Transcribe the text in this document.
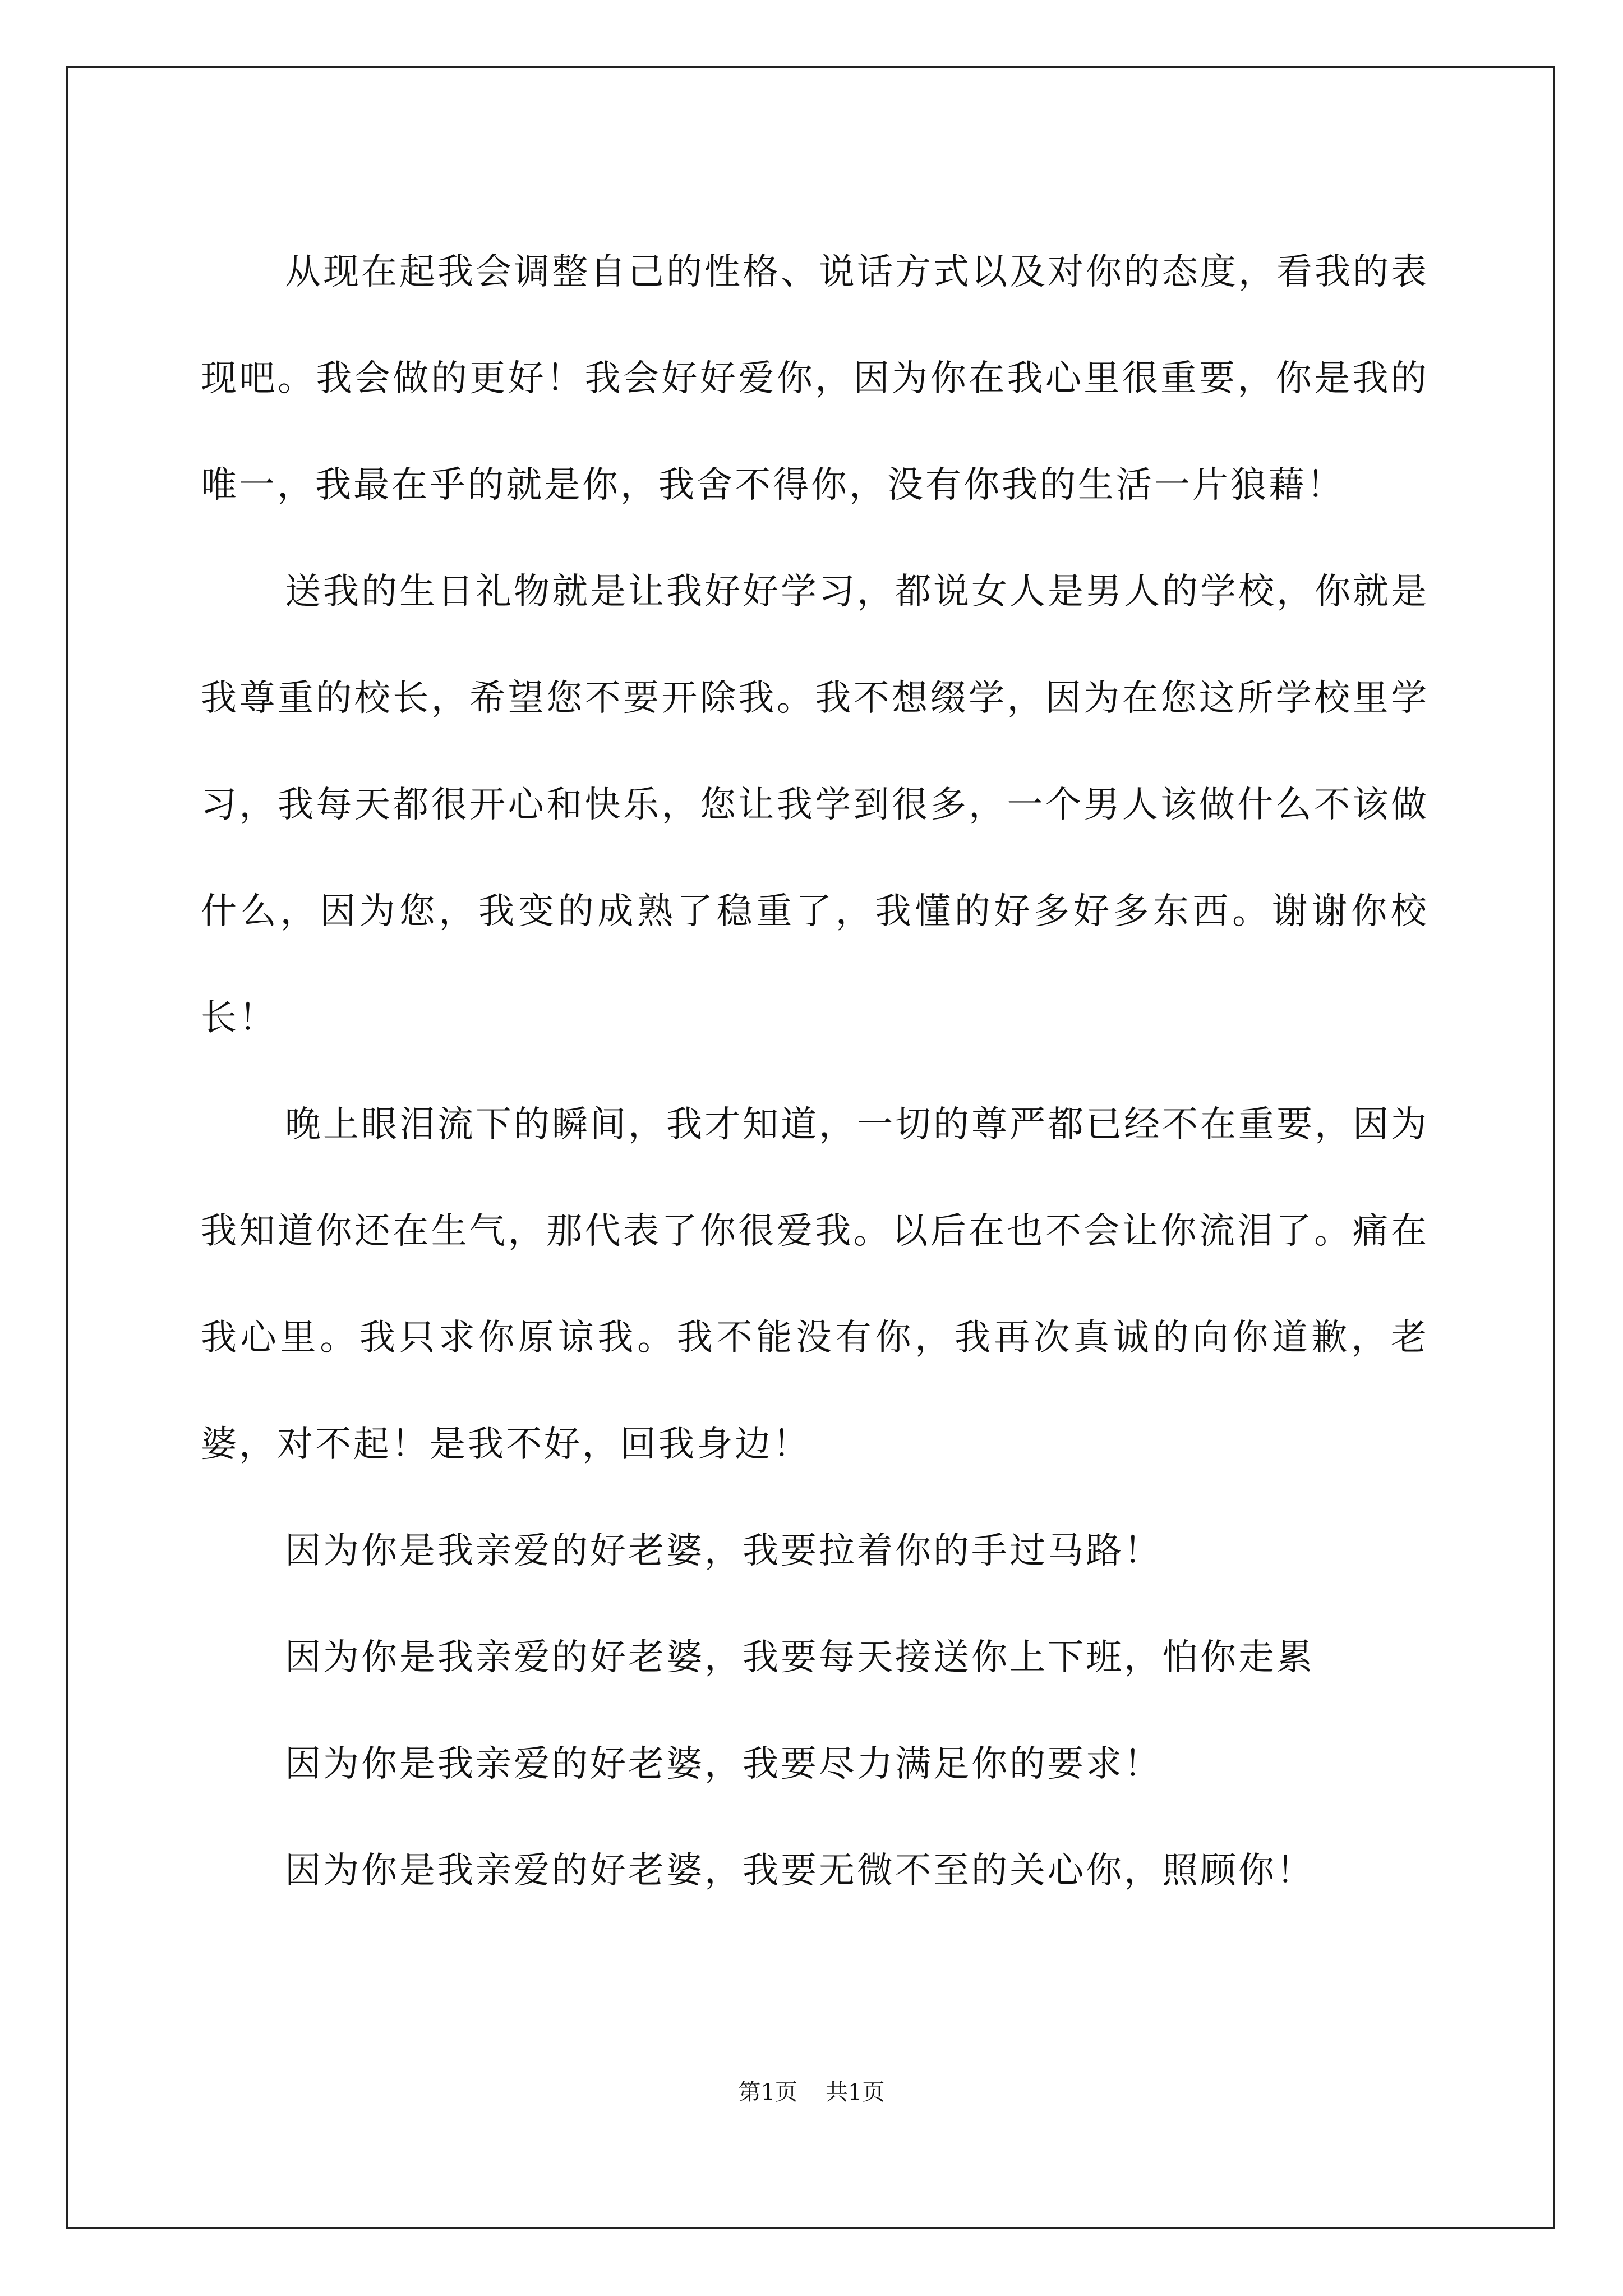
从现在起我会调整自己的性格、说话方式以及对你的态度，看我的表现吧。我会做的更好！我会好好爱你，因为你在我心里很重要，你是我的唯一，我最在乎的就是你，我舍不得你，没有你我的生活一片狼藉！

送我的生日礼物就是让我好好学习，都说女人是男人的学校，你就是我尊重的校长，希望您不要开除我。我不想缀学，因为在您这所学校里学习，我每天都很开心和快乐，您让我学到很多，一个男人该做什么不该做什么，因为您，我变的成熟了稳重了，我懂的好多好多东西。谢谢你校长！

晚上眼泪流下的瞬间，我才知道，一切的尊严都已经不在重要，因为我知道你还在生气，那代表了你很爱我。以后在也不会让你流泪了。痛在我心里。我只求你原谅我。我不能没有你，我再次真诚的向你道歉，老婆，对不起！是我不好，回我身边！

因为你是我亲爱的好老婆，我要拉着你的手过马路！

因为你是我亲爱的好老婆，我要每天接送你上下班，怕你走累

因为你是我亲爱的好老婆，我要尽力满足你的要求！

因为你是我亲爱的好老婆，我要无微不至的关心你，照顾你！

第1页 共1页
